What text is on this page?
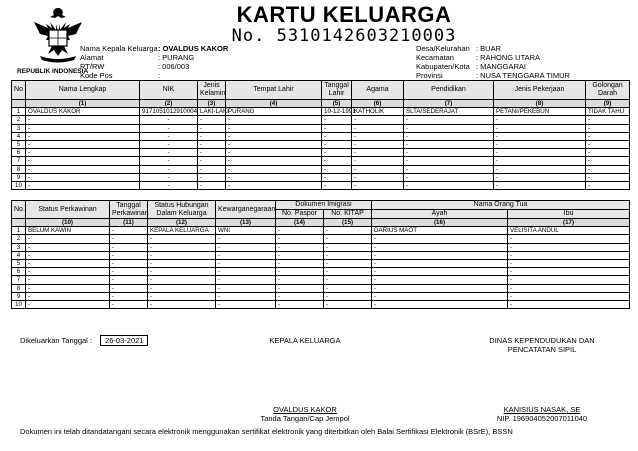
REPUBLIK INDONESIA
KARTU KELUARGA
No. 5310142603210003
Nama Kepala Keluarga	: OVALDUS KAKOR
Alamat	: PURANG
RT/RW	: 006/003
Kode Pos	:
Desa/Kelurahan	: BUAR
Kecamatan	: RAHONG UTARA
Kabupaten/Kota	: MANGGARAI
Provinsi	: NUSA TENGGARA TIMUR
No	Nama Lengkap	NIK	Jenis Kelamin	Tempat Lahir	Tanggal Lahir	Agama	Pendidikan	Jenis Pekerjaan	Golongan Darah
	(1)	(2)	(3)	(4)	(5)	(6)	(7)	(8)	(9)
1	OVALDUS KAKOR	9171051012910004	LAKI-LAKI	PURANG	10-12-1991	KATHOLIK	SLTA/SEDERAJAT	PETANI/PEKEBUN	TIDAK TAHU
2	-	-	-	-	-	-	-	-	-
3	-	-	-	-	-	-	-	-	-
4	-	-	-	-	-	-	-	-	-
5	-	-	-	-	-	-	-	-	-
6	-	-	-	-	-	-	-	-	-
7	-	-	-	-	-	-	-	-	-
8	-	-	-	-	-	-	-	-	-
9	-	-	-	-	-	-	-	-	-
10	-	-	-	-	-	-	-	-	-
No.	Status Perkawinan	Tanggal Perkawinan	Status Hubungan Dalam Keluarga	Kewarganegaraan	Dokumen Imigrasi		Nama Orang Tua	
					No. Paspor	No. KITAP	Ayah	Ibu
	(10)	(11)	(12)	(13)	(14)	(15)	(16)	(17)
1	BELUM KAWIN	-	KEPALA KELUARGA	WNI	-	-	DARIUS MAOT	VELISITA ANDUL
2	-	-	-	-	-	-	-	-
3	-	-	-	-	-	-	-	-
4	-	-	-	-	-	-	-	-
5	-	-	-	-	-	-	-	-
6	-	-	-	-	-	-	-	-
7	-	-	-	-	-	-	-	-
8	-	-	-	-	-	-	-	-
9	-	-	-	-	-	-	-	-
10	-	-	-	-	-	-	-	-
Dikeluarkan Tanggal : 26-03-2021	KEPALA KELUARGA	DINAS KEPENDUDUKAN DAN
PENCATATAN SIPIL
OVALDUS KAKOR
Tanda Tangan/Cap Jempol
KANISIUS NASAK, SE
NIP. 196904052007011040
Dokumen ini telah ditandatangani secara elektronik menggunakan sertifikat elektronik yang diterbitkan oleh Balai Sertifikasi Elektronik (BSrE), BSSN
